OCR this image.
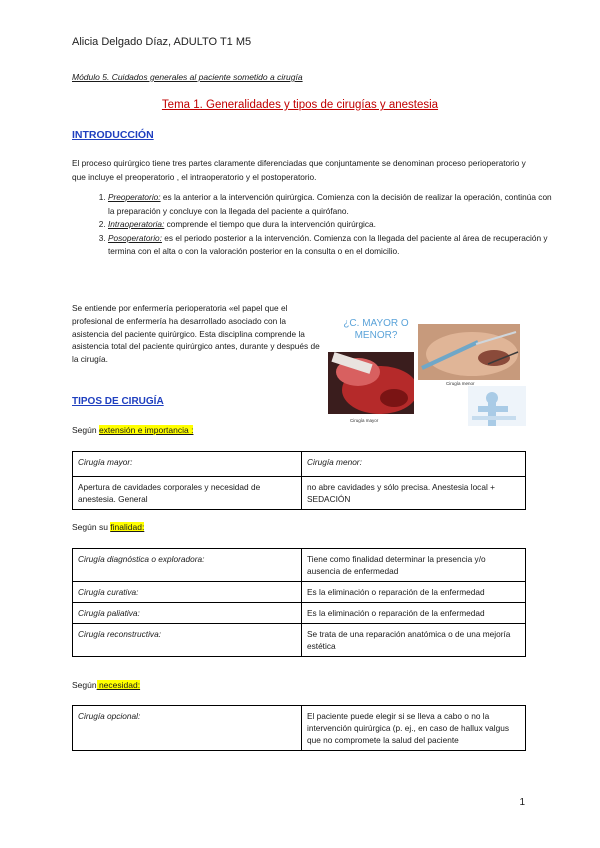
Alicia Delgado Díaz, ADULTO T1 M5
Módulo 5. Cuidados generales al paciente sometido a cirugía
Tema 1. Generalidades y tipos de cirugías y anestesia
INTRODUCCIÓN
El proceso quirúrgico tiene tres partes claramente diferenciadas que conjuntamente se denominan proceso perioperatorio y que incluye el preoperatorio , el intraoperatorio y el postoperatorio.
1. Preoperatorio: es la anterior a la intervención quirúrgica. Comienza con la decisión de realizar la operación, continúa con la preparación y concluye con la llegada del paciente a quirófano.
2. Intraoperatoria: comprende el tiempo que dura la intervención quirúrgica.
3. Posoperatorio: es el periodo posterior a la intervención. Comienza con la llegada del paciente al área de recuperación y termina con el alta o con la valoración posterior en la consulta o en el domicilio.
Se entiende por enfermería perioperatoria «el papel que el profesional de enfermería ha desarrollado asociado con la asistencia del paciente quirúrgico. Esta disciplina comprende la asistencia total del paciente quirúrgico antes, durante y después de la cirugía.
¿C. MAYOR O MENOR?
Cirugía mayor
Cirugía menor
TIPOS DE CIRUGÍA
Según extensión e importancia :
Cirugía mayor:	Cirugía menor:
Apertura de cavidades corporales y necesidad de anestesia. General	no abre cavidades y sólo precisa. Anestesia local + SEDACIÓN
Según su finalidad:
Cirugía diagnóstica o exploradora:	Tiene como finalidad determinar la presencia y/o ausencia de enfermedad
Cirugía curativa:	Es la eliminación o reparación de la enfermedad
Cirugía paliativa:	Es la eliminación o reparación de la enfermedad
Cirugía reconstructiva:	Se trata de una reparación anatómica o de una mejoría estética
Según necesidad:
Cirugía opcional:	El paciente puede elegir si se lleva a cabo o no la intervención quirúrgica (p. ej., en caso de hallux valgus que no compromete la salud del paciente
1
